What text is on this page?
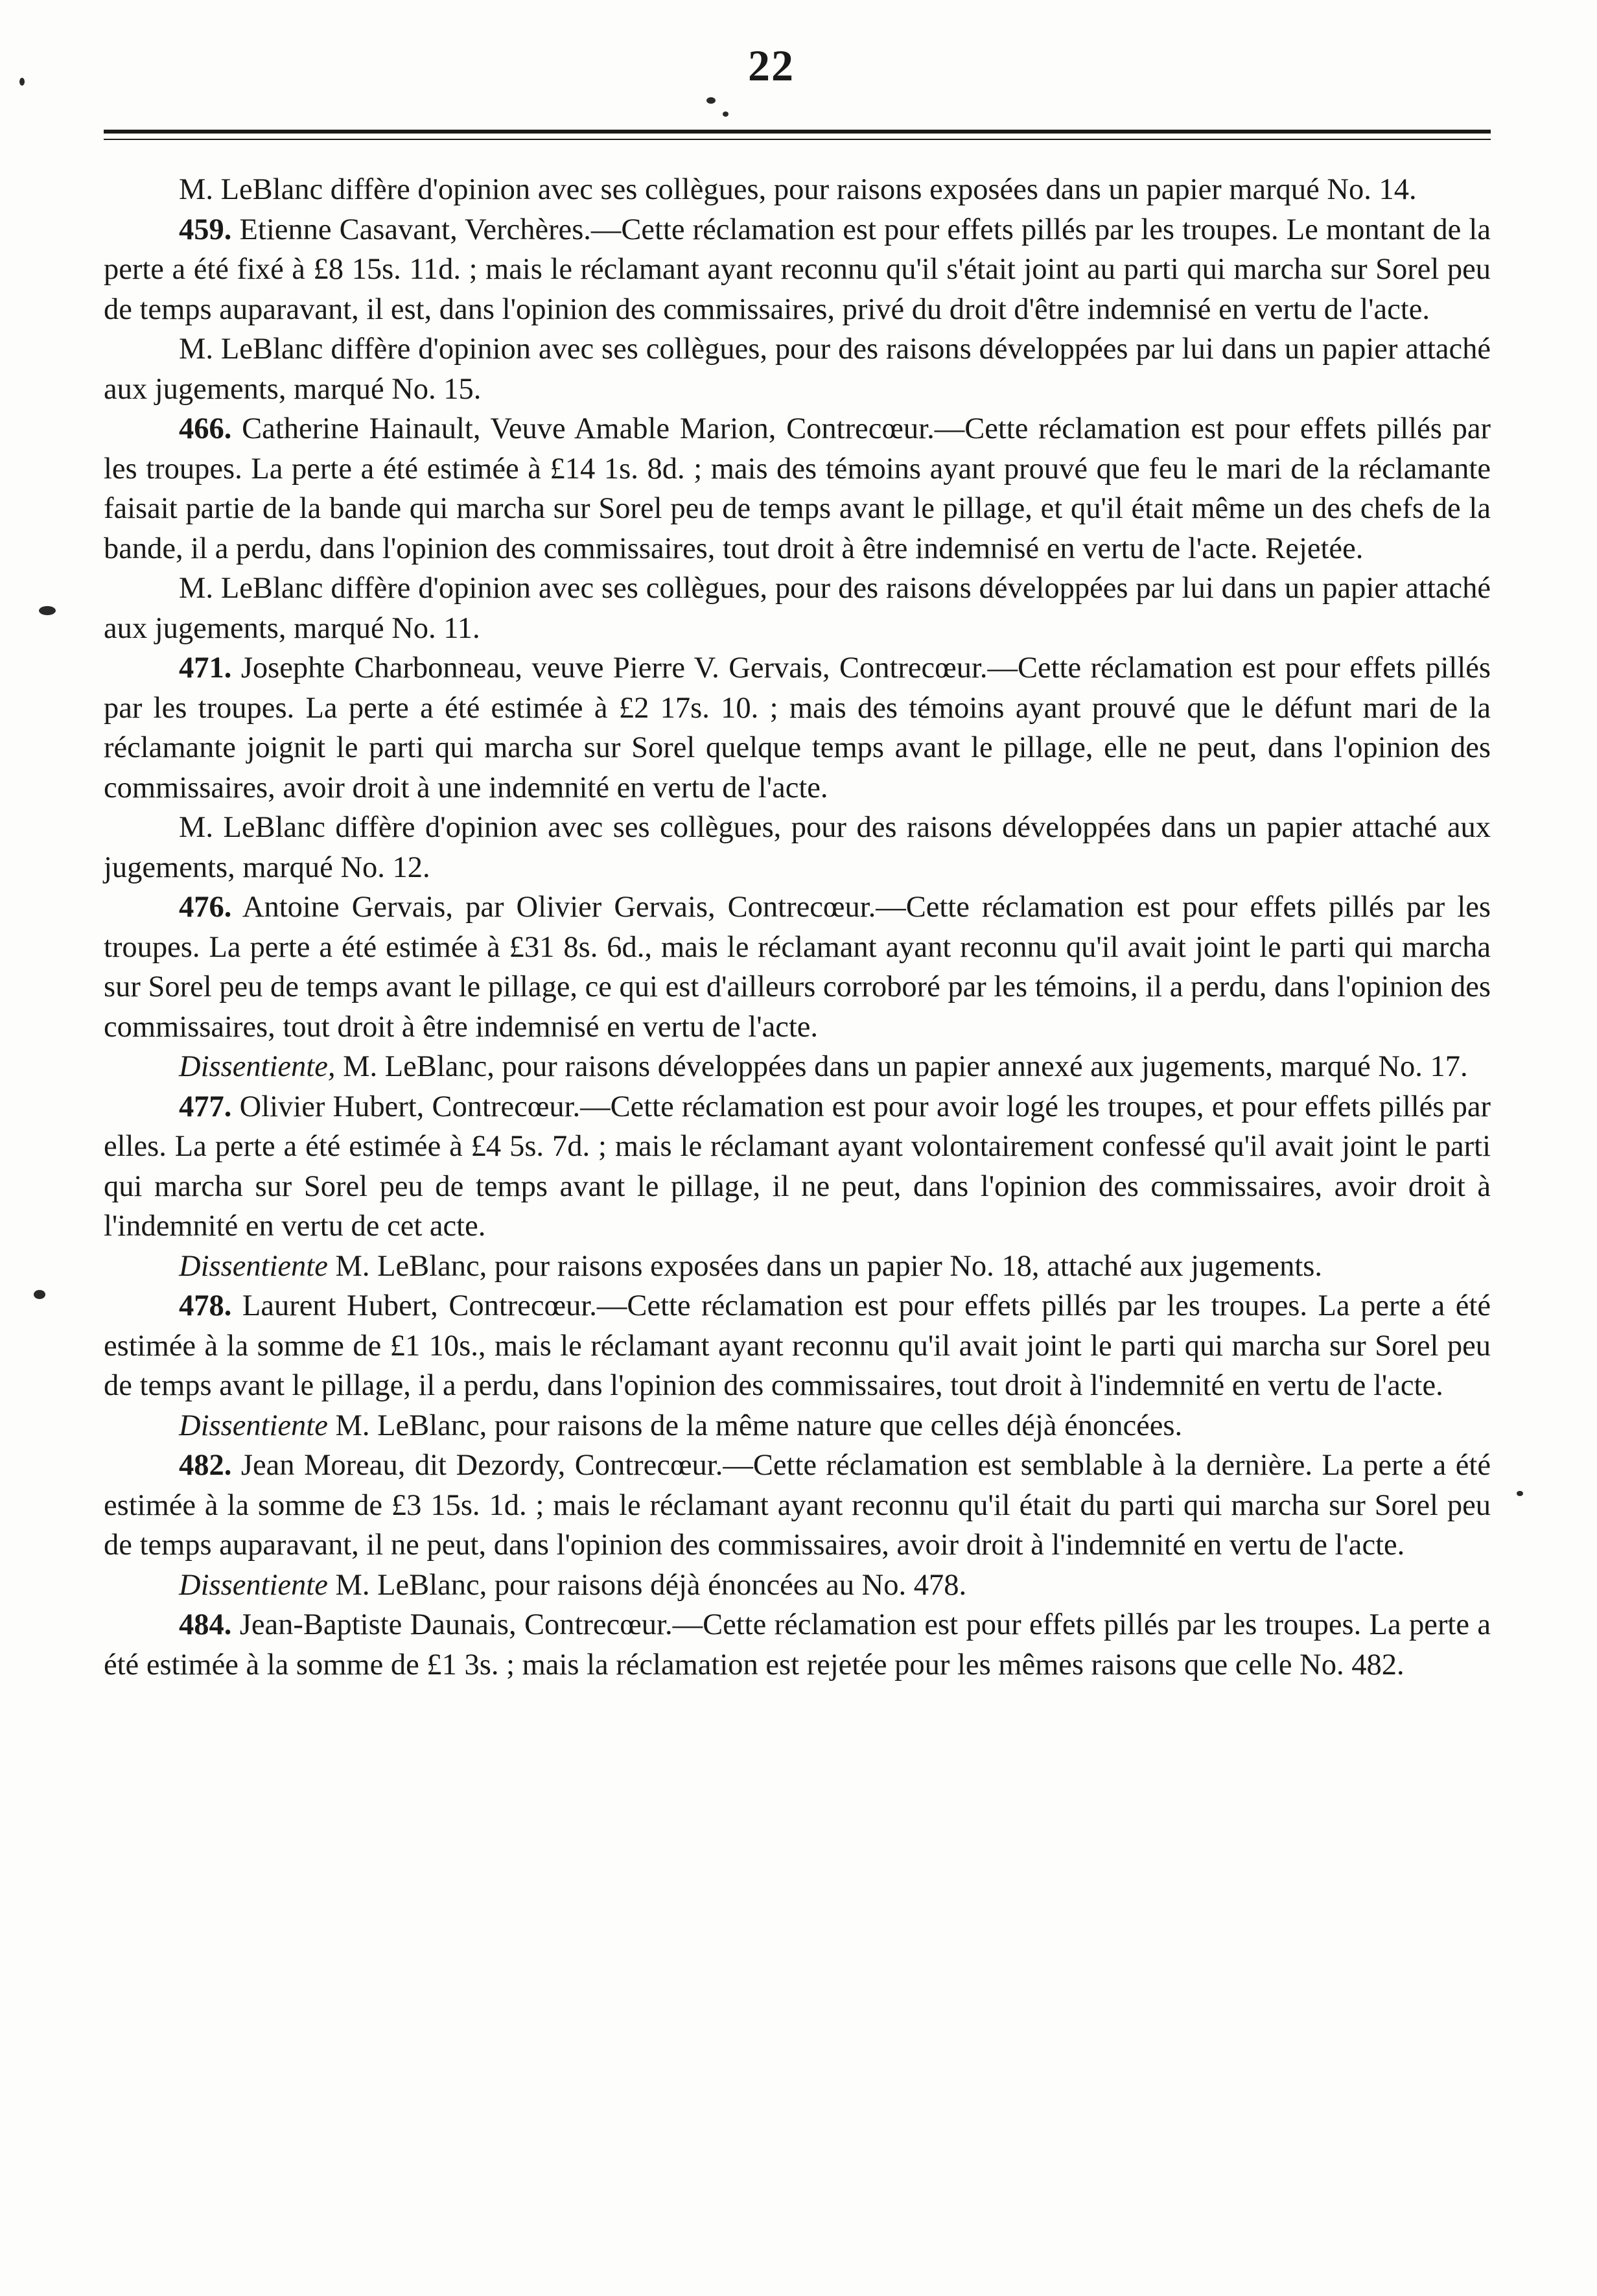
22

M. LeBlanc diffère d'opinion avec ses collègues, pour raisons exposées dans un papier marqué No. 14.

459. Etienne Casavant, Verchères.—Cette réclamation est pour effets pillés par les troupes. Le montant de la perte a été fixé à £8 15s. 11d. ; mais le réclamant ayant reconnu qu'il s'était joint au parti qui marcha sur Sorel peu de temps auparavant, il est, dans l'opinion des commissaires, privé du droit d'être indemnisé en vertu de l'acte.

M. LeBlanc diffère d'opinion avec ses collègues, pour des raisons développées par lui dans un papier attaché aux jugements, marqué No. 15.

466. Catherine Hainault, Veuve Amable Marion, Contrecœur.—Cette réclamation est pour effets pillés par les troupes. La perte a été estimée à £14 1s. 8d. ; mais des témoins ayant prouvé que feu le mari de la réclamante faisait partie de la bande qui marcha sur Sorel peu de temps avant le pillage, et qu'il était même un des chefs de la bande, il a perdu, dans l'opinion des commissaires, tout droit à être indemnisé en vertu de l'acte. Rejetée.

M. LeBlanc diffère d'opinion avec ses collègues, pour des raisons développées par lui dans un papier attaché aux jugements, marqué No. 11.

471. Josephte Charbonneau, veuve Pierre V. Gervais, Contrecœur.—Cette réclamation est pour effets pillés par les troupes. La perte a été estimée à £2 17s. 10. ; mais des témoins ayant prouvé que le défunt mari de la réclamante joignit le parti qui marcha sur Sorel quelque temps avant le pillage, elle ne peut, dans l'opinion des commissaires, avoir droit à une indemnité en vertu de l'acte.

M. LeBlanc diffère d'opinion avec ses collègues, pour des raisons développées dans un papier attaché aux jugements, marqué No. 12.

476. Antoine Gervais, par Olivier Gervais, Contrecœur.—Cette réclamation est pour effets pillés par les troupes. La perte a été estimée à £31 8s. 6d., mais le réclamant ayant reconnu qu'il avait joint le parti qui marcha sur Sorel peu de temps avant le pillage, ce qui est d'ailleurs corroboré par les témoins, il a perdu, dans l'opinion des commissaires, tout droit à être indemnisé en vertu de l'acte.

Dissentiente, M. LeBlanc, pour raisons développées dans un papier annexé aux jugements, marqué No. 17.

477. Olivier Hubert, Contrecœur.—Cette réclamation est pour avoir logé les troupes, et pour effets pillés par elles. La perte a été estimée à £4 5s. 7d. ; mais le réclamant ayant volontairement confessé qu'il avait joint le parti qui marcha sur Sorel peu de temps avant le pillage, il ne peut, dans l'opinion des commissaires, avoir droit à l'indemnité en vertu de cet acte.

Dissentiente M. LeBlanc, pour raisons exposées dans un papier No. 18, attaché aux jugements.

478. Laurent Hubert, Contrecœur.—Cette réclamation est pour effets pillés par les troupes. La perte a été estimée à la somme de £1 10s., mais le réclamant ayant reconnu qu'il avait joint le parti qui marcha sur Sorel peu de temps avant le pillage, il a perdu, dans l'opinion des commissaires, tout droit à l'indemnité en vertu de l'acte.

Dissentiente M. LeBlanc, pour raisons de la même nature que celles déjà énoncées.

482. Jean Moreau, dit Dezordy, Contrecœur.—Cette réclamation est semblable à la dernière. La perte a été estimée à la somme de £3 15s. 1d. ; mais le réclamant ayant reconnu qu'il était du parti qui marcha sur Sorel peu de temps auparavant, il ne peut, dans l'opinion des commissaires, avoir droit à l'indemnité en vertu de l'acte.

Dissentiente M. LeBlanc, pour raisons déjà énoncées au No. 478.

484. Jean-Baptiste Daunais, Contrecœur.—Cette réclamation est pour effets pillés par les troupes. La perte a été estimée à la somme de £1 3s. ; mais la réclamation est rejetée pour les mêmes raisons que celle No. 482.
